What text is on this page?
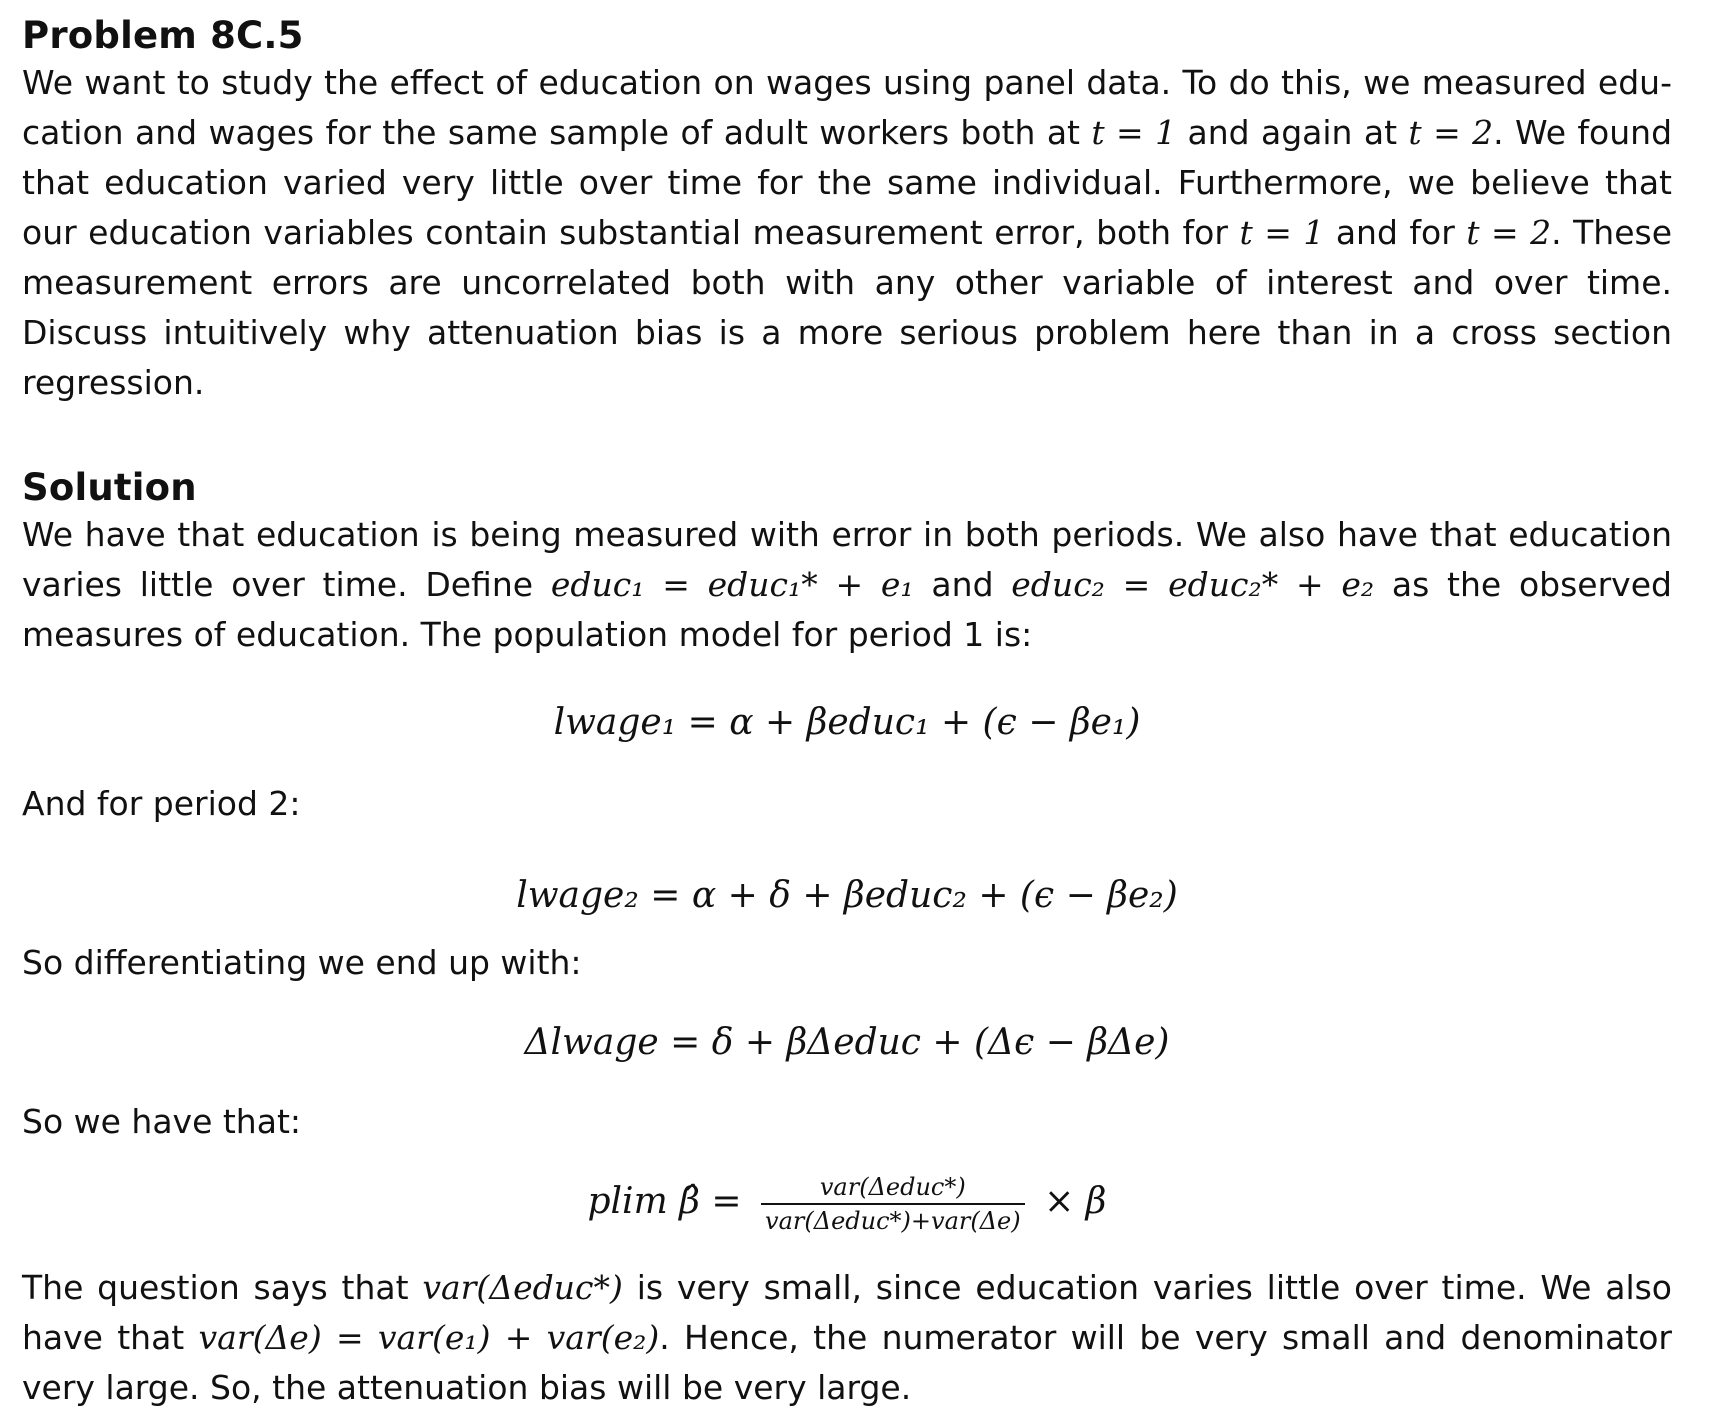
Problem 8C.5

We want to study the effect of education on wages using panel data. To do this, we measured edu-cation and wages for the same sample of adult workers both at t = 1 and again at t = 2. We found that education varied very little over time for the same individual. Furthermore, we believe that our education variables contain substantial measurement error, both for t = 1 and for t = 2. These measurement errors are uncorrelated both with any other variable of interest and over time. Discuss intuitively why attenuation bias is a more serious problem here than in a cross section regression.

Solution

We have that education is being measured with error in both periods. We also have that education varies little over time. Define educ₁ = educ₁* + e₁ and educ₂ = educ₂* + e₂ as the observed measures of education. The population model for period 1 is:

lwage₁ = α + βeduc₁ + (ϵ − βe₁)

And for period 2:

lwage₂ = α + δ + βeduc₂ + (ϵ − βe₂)

So differentiating we end up with:

Δlwage = δ + βΔeduc + (Δϵ − βΔe)

So we have that:

plim β̂ = $\frac{\text{var(Δeduc*)}}{\text{var(Δeduc*)+var(Δe)}} \times \beta$

The question says that var(Δeduc*) is very small, since education varies little over time. We also have that var(Δe) = var(e₁) + var(e₂). Hence, the numerator will be very small and denominator very large. So, the attenuation bias will be very large.
